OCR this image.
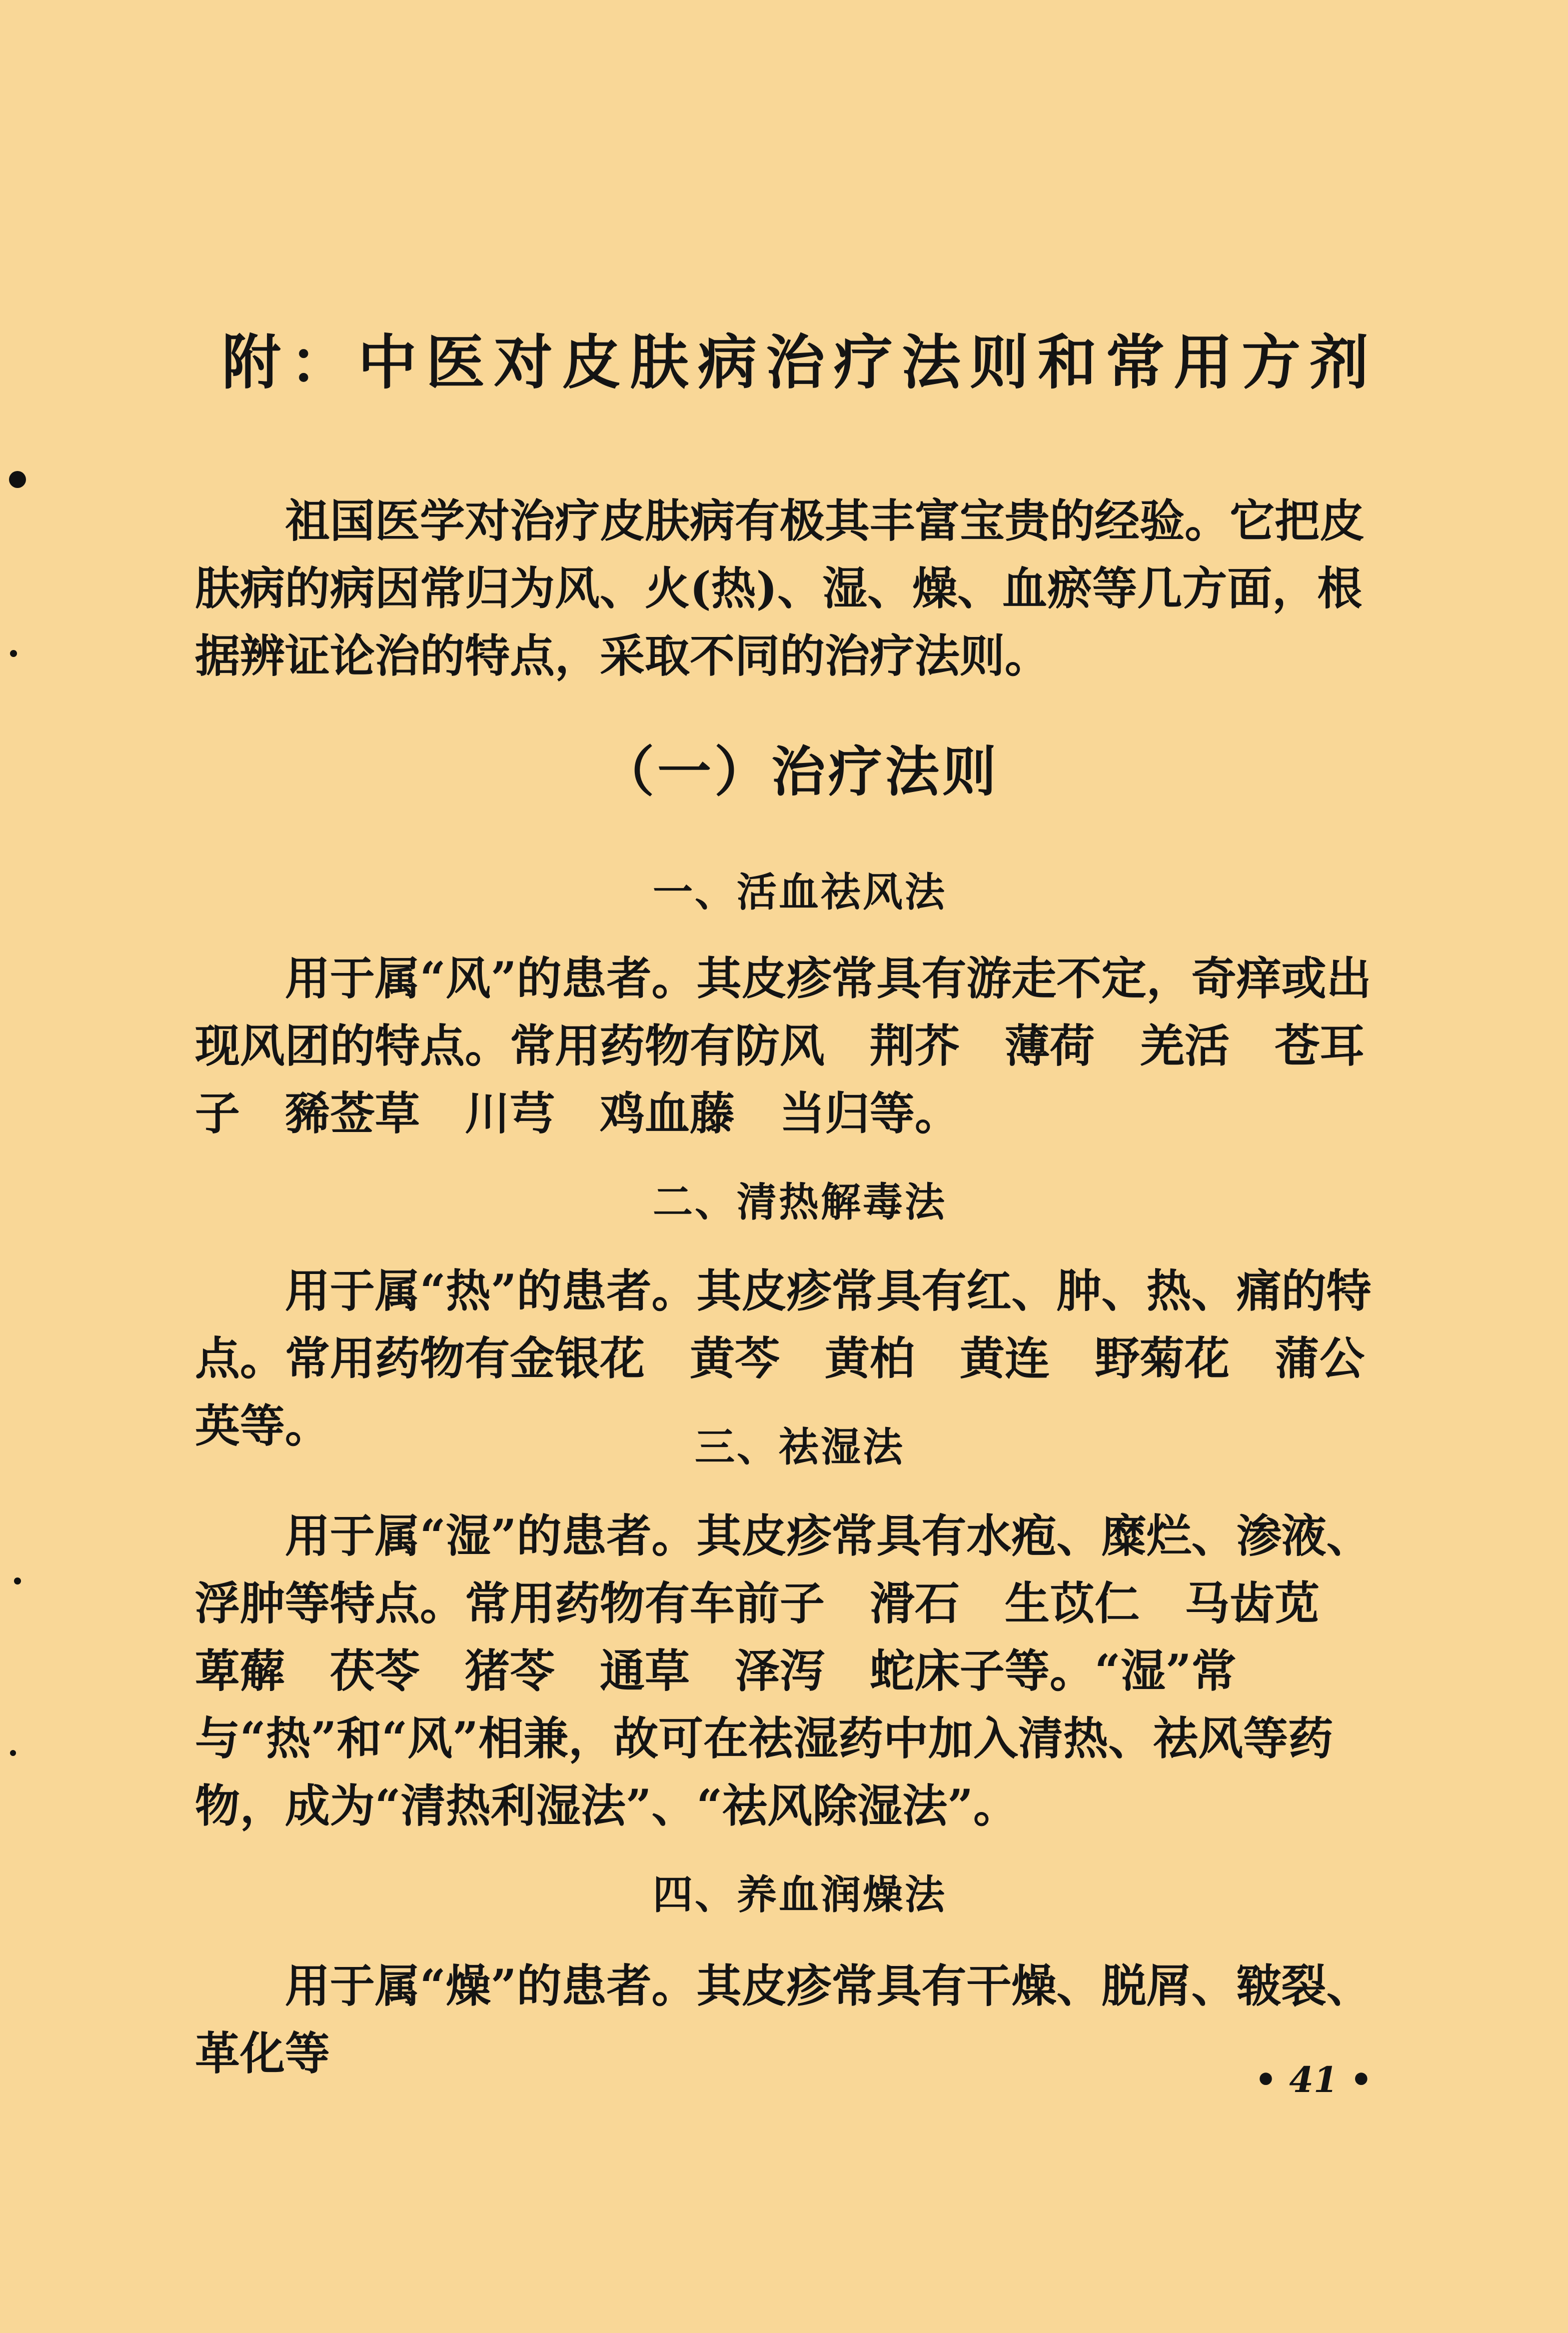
附：中医对皮肤病治疗法则和常用方剂

祖国医学对治疗皮肤病有极其丰富宝贵的经验。它把皮肤病的病因常归为风、火(热)、湿、燥、血瘀等几方面，根据辨证论治的特点，采取不同的治疗法则。

（一）治疗法则
一、活血祛风法

用于属“风”的患者。其皮疹常具有游走不定，奇痒或出现风团的特点。常用药物有防风　荆芥　薄荷　羌活　苍耳子　豨莶草　川芎　鸡血藤　当归等。

二、清热解毒法

用于属“热”的患者。其皮疹常具有红、肿、热、痛的特点。常用药物有金银花　黄芩　黄柏　黄连　野菊花　蒲公英等。	三、祛湿法

用于属“湿”的患者。其皮疹常具有水疱、糜烂、渗液、浮肿等特点。常用药物有车前子　滑石　生苡仁　马齿苋　萆薢　茯苓　猪苓　通草　泽泻　蛇床子等。“湿”常与“热”和“风”相兼，故可在祛湿药中加入清热、祛风等药物，成为“清热利湿法”、“祛风除湿法”。

四、养血润燥法

用于属“燥”的患者。其皮疹常具有干燥、脱屑、皲裂、革化等	• 41 •
